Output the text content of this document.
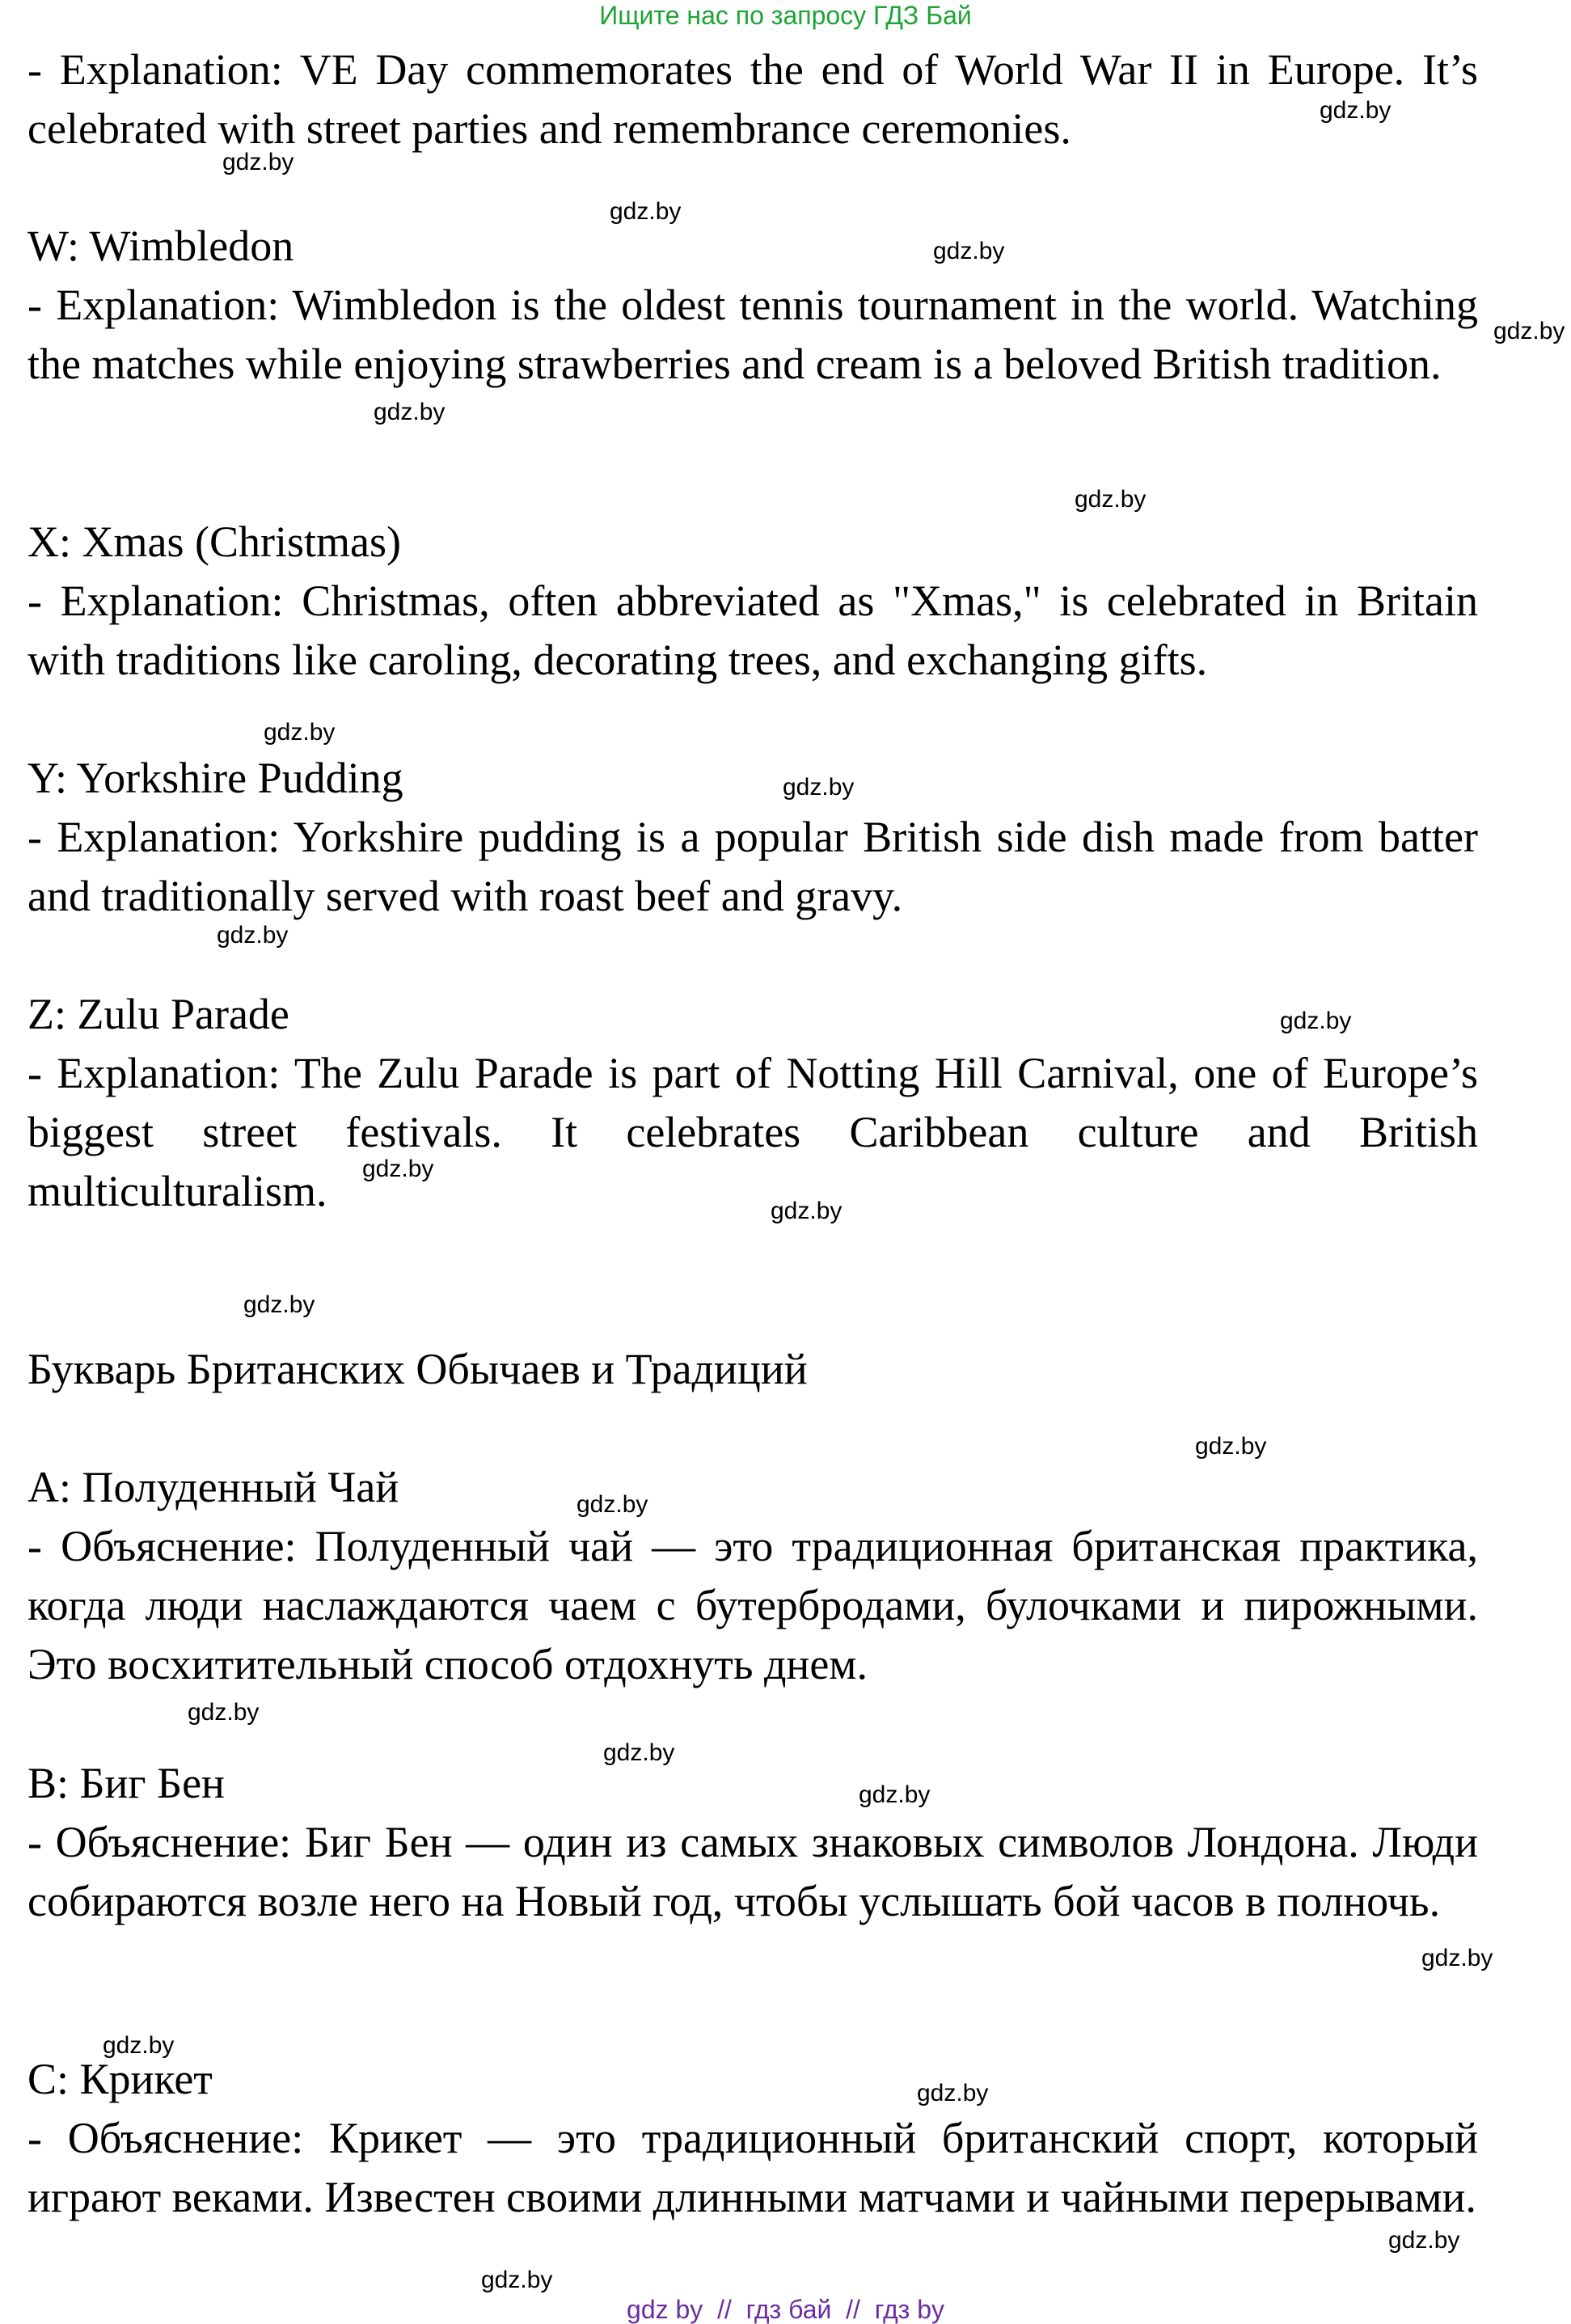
Ищите нас по запросу ГДЗ Бай

- Explanation: VE Day commemorates the end of World War II in Europe. It’s celebrated with street parties and remembrance ceremonies.

W: Wimbledon

- Explanation: Wimbledon is the oldest tennis tournament in the world. Watching the matches while enjoying strawberries and cream is a beloved British tradition.

X: Xmas (Christmas)

- Explanation: Christmas, often abbreviated as "Xmas," is celebrated in Britain with traditions like caroling, decorating trees, and exchanging gifts.

Y: Yorkshire Pudding

- Explanation: Yorkshire pudding is a popular British side dish made from batter and traditionally served with roast beef and gravy.

Z: Zulu Parade

- Explanation: The Zulu Parade is part of Notting Hill Carnival, one of Europe’s biggest street festivals. It celebrates Caribbean culture and British multiculturalism.

Букварь Британских Обычаев и Традиций

А: Полуденный Чай

- Объяснение: Полуденный чай — это традиционная британская практика, когда люди наслаждаются чаем с бутербродами, булочками и пирожными. Это восхитительный способ отдохнуть днем.

В: Биг Бен

- Объяснение: Биг Бен — один из самых знаковых символов Лондона. Люди собираются возле него на Новый год, чтобы услышать бой часов в полночь.

С: Крикет

- Объяснение: Крикет — это традиционный британский спорт, который играют веками. Известен своими длинными матчами и чайными перерывами.

gdz.by
gdz.by
gdz.by
gdz.by
gdz.by
gdz.by
gdz.by
gdz.by
gdz.by
gdz.by
gdz.by
gdz.by
gdz.by
gdz.by
gdz.by
gdz.by
gdz.by
gdz.by
gdz.by
gdz.by
gdz.by
gdz.by
gdz.by
gdz.by
gdz by  //  гдз бай  //  гдз by
